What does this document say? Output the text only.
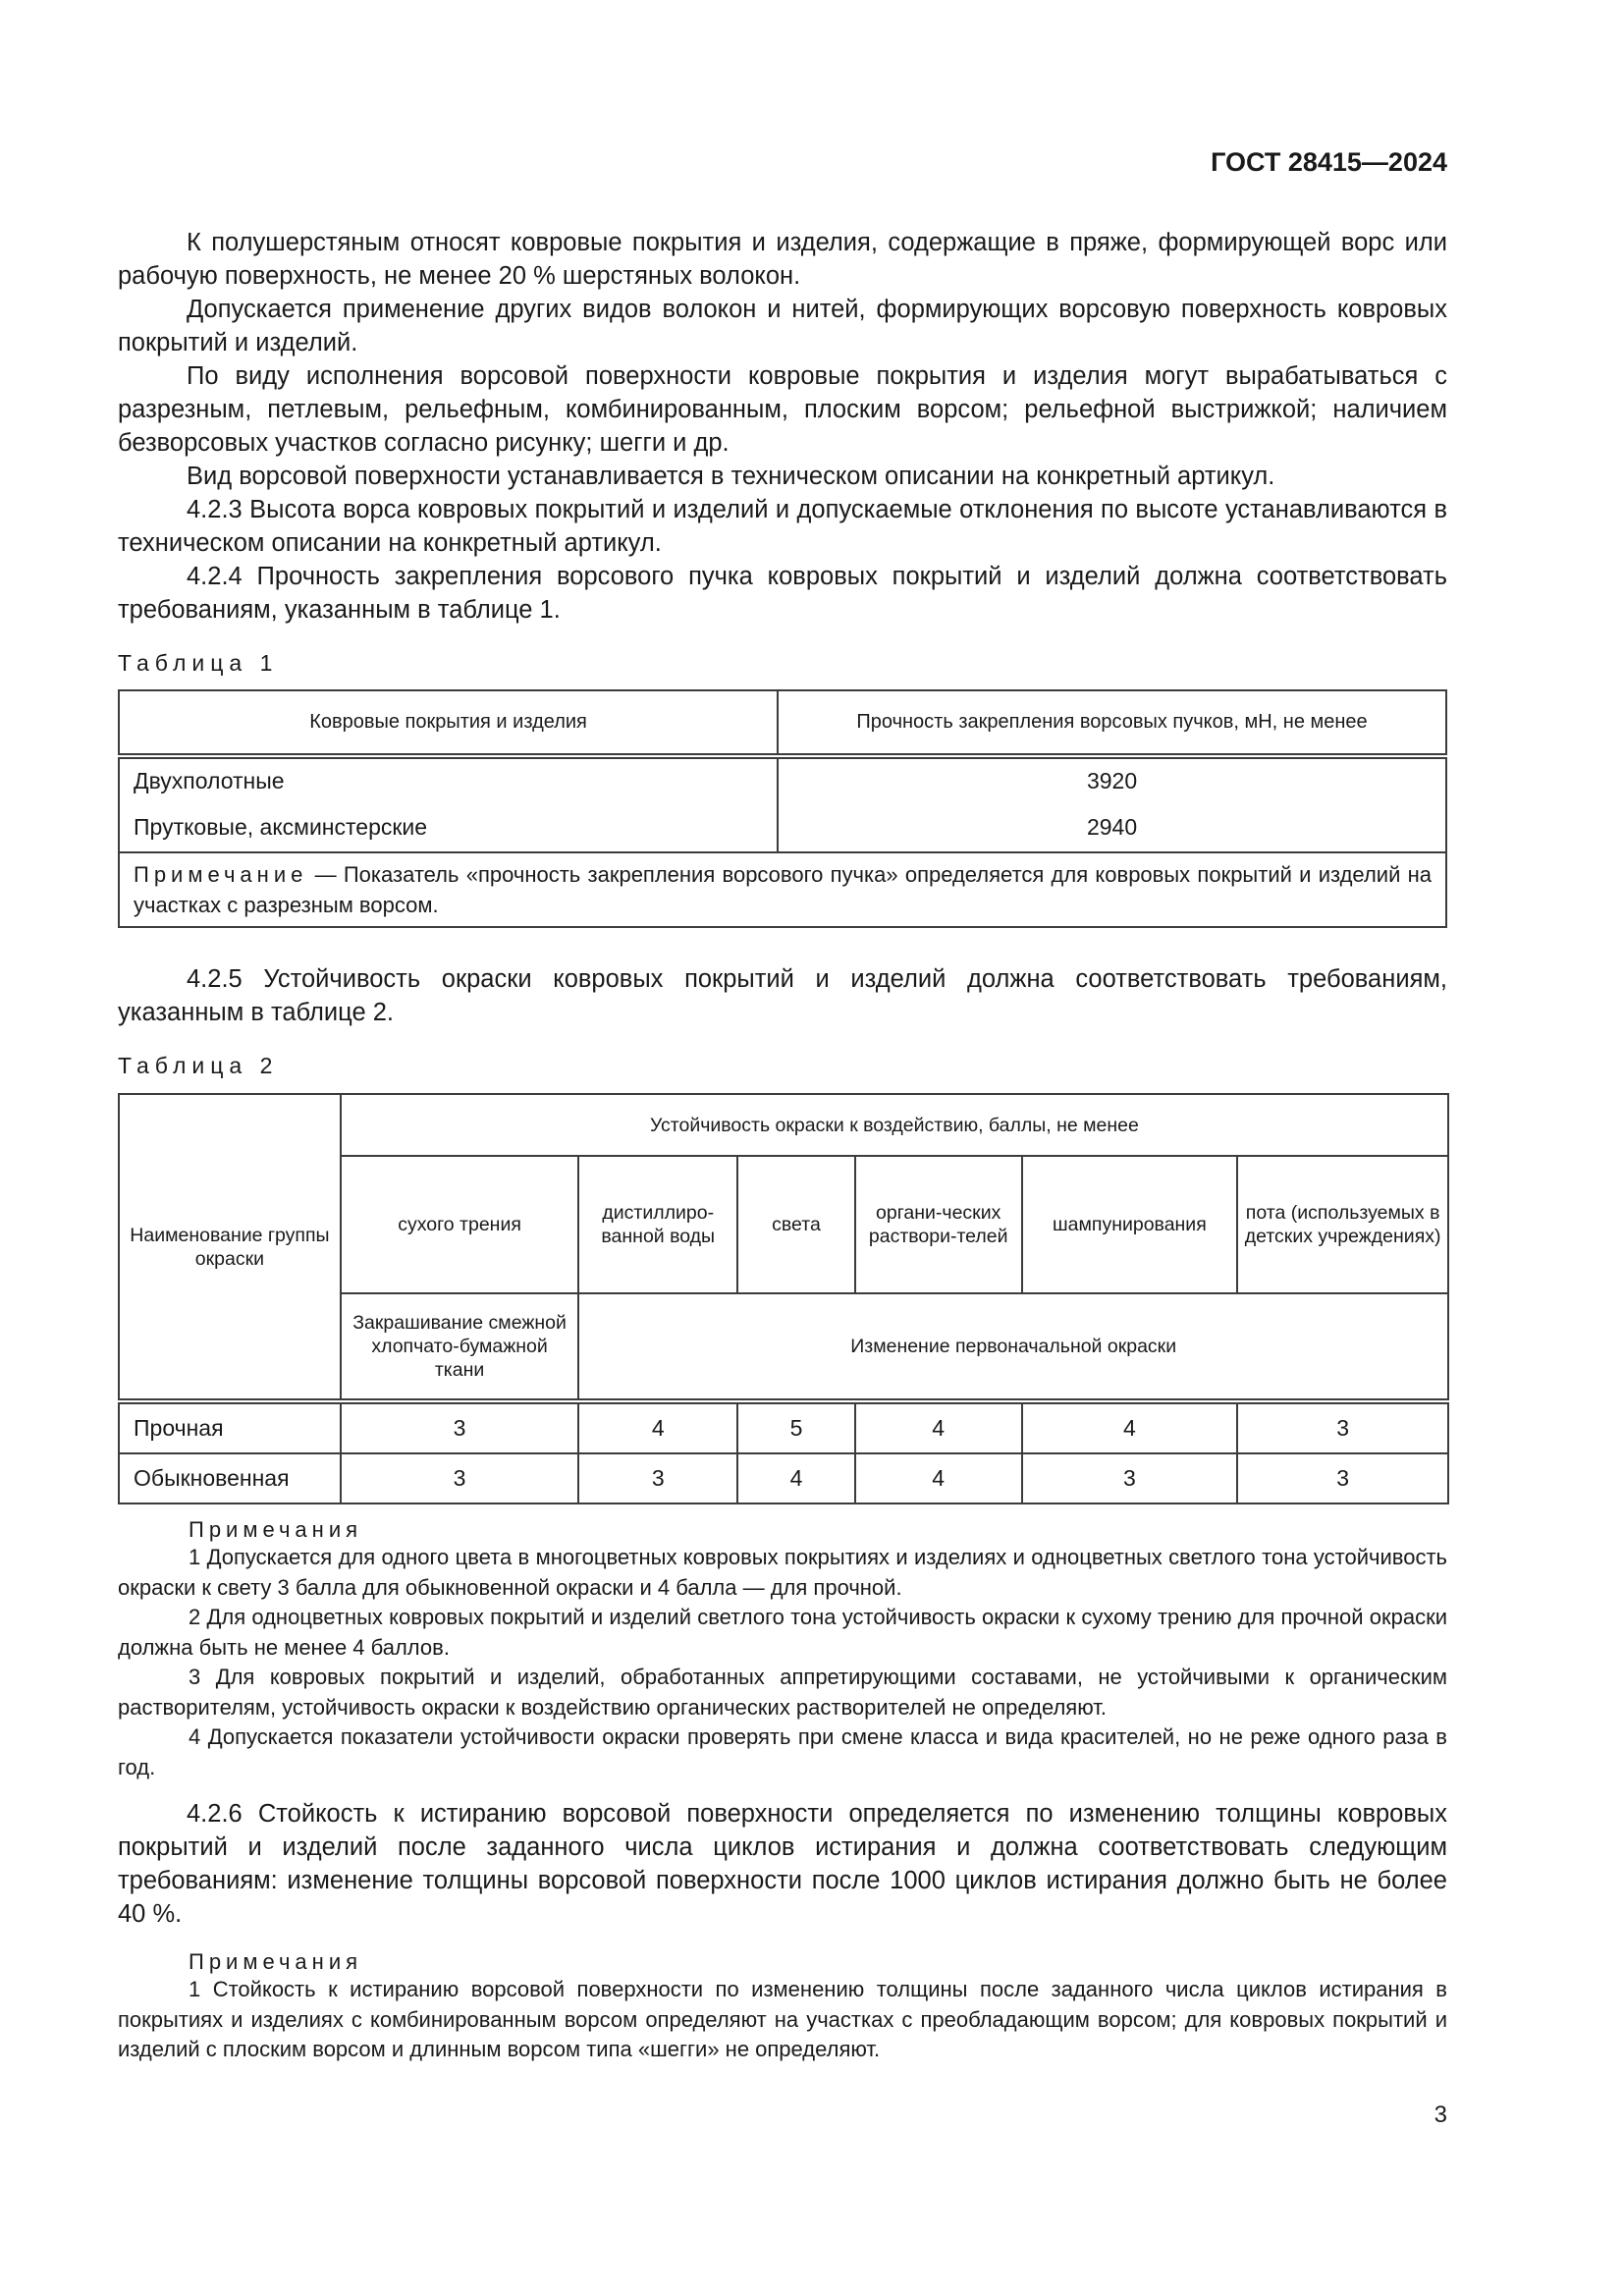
ГОСТ 28415—2024

К полушерстяным относят ковровые покрытия и изделия, содержащие в пряже, формирующей ворс или рабочую поверхность, не менее 20 % шерстяных волокон.

Допускается применение других видов волокон и нитей, формирующих ворсовую поверхность ковровых покрытий и изделий.

По виду исполнения ворсовой поверхности ковровые покрытия и изделия могут вырабатываться с разрезным, петлевым, рельефным, комбинированным, плоским ворсом; рельефной выстрижкой; наличием безворсовых участков согласно рисунку; шегги и др.

Вид ворсовой поверхности устанавливается в техническом описании на конкретный артикул.

4.2.3 Высота ворса ковровых покрытий и изделий и допускаемые отклонения по высоте устанавливаются в техническом описании на конкретный артикул.

4.2.4 Прочность закрепления ворсового пучка ковровых покрытий и изделий должна соответствовать требованиям, указанным в таблице 1.

Таблица 1

Ковровые покрытия и изделия	Прочность закрепления ворсовых пучков, мН, не менее
Двухполотные	3920
Прутковые, аксминстерские	2940
Примечание — Показатель «прочность закрепления ворсового пучка» определяется для ковровых покрытий и изделий на участках с разрезным ворсом.	

4.2.5 Устойчивость окраски ковровых покрытий и изделий должна соответствовать требованиям, указанным в таблице 2.

Таблица 2

Наименование группы окраски	Устойчивость окраски к воздействию, баллы, не менее					
	сухого трения	дистиллиро-ванной воды	света	органи-ческих раствори-телей	шампунирования	пота (используемых в детских учреждениях)
	Закрашивание смежной хлопчато-бумажной ткани	Изменение первоначальной окраски				
Прочная	3	4	5	4	4	3
Обыкновенная	3	3	4	4	3	3

Примечания

1 Допускается для одного цвета в многоцветных ковровых покрытиях и изделиях и одноцветных светлого тона устойчивость окраски к свету 3 балла для обыкновенной окраски и 4 балла — для прочной.

2 Для одноцветных ковровых покрытий и изделий светлого тона устойчивость окраски к сухому трению для прочной окраски должна быть не менее 4 баллов.

3 Для ковровых покрытий и изделий, обработанных аппретирующими составами, не устойчивыми к органическим растворителям, устойчивость окраски к воздействию органических растворителей не определяют.

4 Допускается показатели устойчивости окраски проверять при смене класса и вида красителей, но не реже одного раза в год.

4.2.6 Стойкость к истиранию ворсовой поверхности определяется по изменению толщины ковровых покрытий и изделий после заданного числа циклов истирания и должна соответствовать следующим требованиям: изменение толщины ворсовой поверхности после 1000 циклов истирания должно быть не более 40 %.

Примечания

1 Стойкость к истиранию ворсовой поверхности по изменению толщины после заданного числа циклов истирания в покрытиях и изделиях с комбинированным ворсом определяют на участках с преобладающим ворсом; для ковровых покрытий и изделий с плоским ворсом и длинным ворсом типа «шегги» не определяют.

3
